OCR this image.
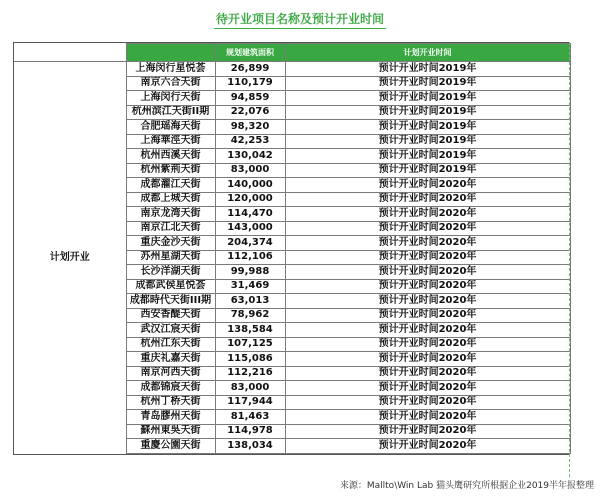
待开业项目名称及预计开业时间
		规划建筑面积	计划开业时间
计划开业	上海闵行星悦荟	26,899	预计开业时间2019年
	南京六合天街	110,179	预计开业时间2019年
	上海闵行天街	94,859	预计开业时间2019年
	杭州滨江天街II期	22,076	预计开业时间2019年
	合肥瑶海天街	98,320	预计开业时间2019年
	上海華涇天街	42,253	预计开业时间2019年
	杭州西溪天街	130,042	预计开业时间2019年
	杭州紫荊天街	83,000	预计开业时间2019年
	成都濯江天街	140,000	预计开业时间2020年
	成都上城天街	120,000	预计开业时间2020年
	南京龙湾天街	114,470	预计开业时间2020年
	南京江北天街	143,000	预计开业时间2020年
	重庆金沙天街	204,374	预计开业时间2020年
	苏州星湖天街	112,106	预计开业时间2020年
	长沙洋湖天街	99,988	预计开业时间2020年
	成都武侯星悦荟	31,469	预计开业时间2020年
	成都時代天街III期	63,013	预计开业时间2020年
	西安香醍天街	78,962	预计开业时间2020年
	武汉江宸天街	138,584	预计开业时间2020年
	杭州江东天街	107,125	预计开业时间2020年
	重庆礼嘉天街	115,086	预计开业时间2020年
	南京河西天街	112,216	预计开业时间2020年
	成都锦宸天街	83,000	预计开业时间2020年
	杭州丁桥天街	117,944	预计开业时间2020年
	青岛膠州天街	81,463	预计开业时间2020年
	蘇州東吳天街	114,978	预计开业时间2020年
	重慶公園天街	138,034	预计开业时间2020年
来源：Mallto\Win Lab 猫头鹰研究所根据企业2019半年报整理
